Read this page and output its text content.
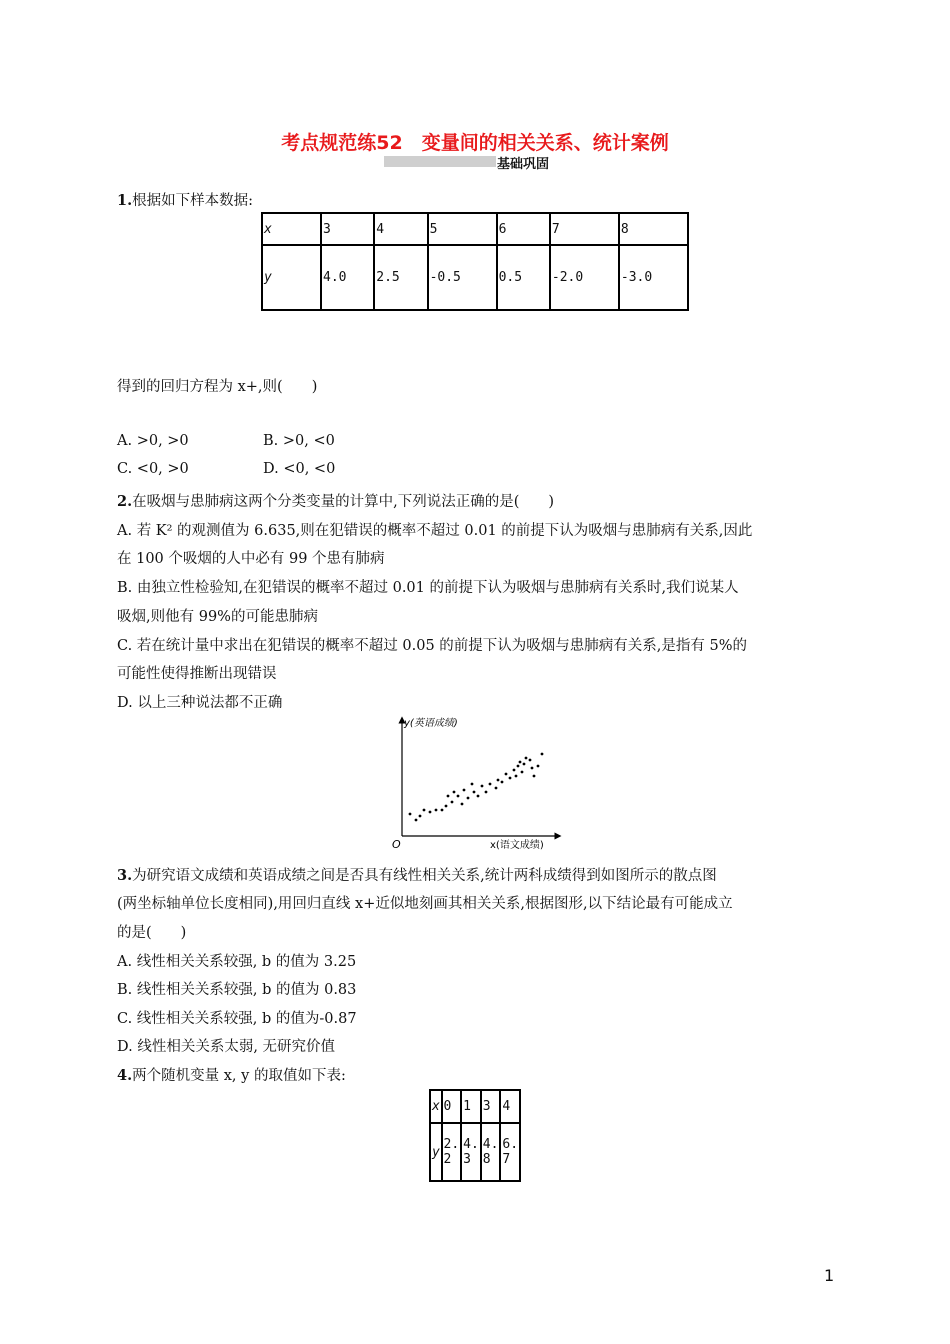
考点规范练52　变量间的相关关系、统计案例
基础巩固
1.根据如下样本数据:
x	3	4	5	6	7	8
y	4.0	2.5	-0.5	0.5	-2.0	-3.0
得到的回归方程为 x+,则(　　)
A. >0, >0	B. >0, <0
C. <0, >0	D. <0, <0
2.在吸烟与患肺病这两个分类变量的计算中,下列说法正确的是(　　)
A. 若 K² 的观测值为 6.635,则在犯错误的概率不超过 0.01 的前提下认为吸烟与患肺病有关系,因此
在 100 个吸烟的人中必有 99 个患有肺病
B. 由独立性检验知,在犯错误的概率不超过 0.01 的前提下认为吸烟与患肺病有关系时,我们说某人
吸烟,则他有 99%的可能患肺病
C. 若在统计量中求出在犯错误的概率不超过 0.05 的前提下认为吸烟与患肺病有关系,是指有 5%的
可能性使得推断出现错误
D. 以上三种说法都不正确
y(英语成绩)
x(语文成绩)
O
3.为研究语文成绩和英语成绩之间是否具有线性相关关系,统计两科成绩得到如图所示的散点图
(两坐标轴单位长度相同),用回归直线 x+近似地刻画其相关关系,根据图形,以下结论最有可能成立
的是(　　)
A. 线性相关关系较强, b 的值为 3.25
B. 线性相关关系较强, b 的值为 0.83
C. 线性相关关系较强, b 的值为-0.87
D. 线性相关关系太弱, 无研究价值
4.两个随机变量 x, y 的取值如下表:
x	0	1	3	4
y	2.2	4.3	4.8	6.7
1
